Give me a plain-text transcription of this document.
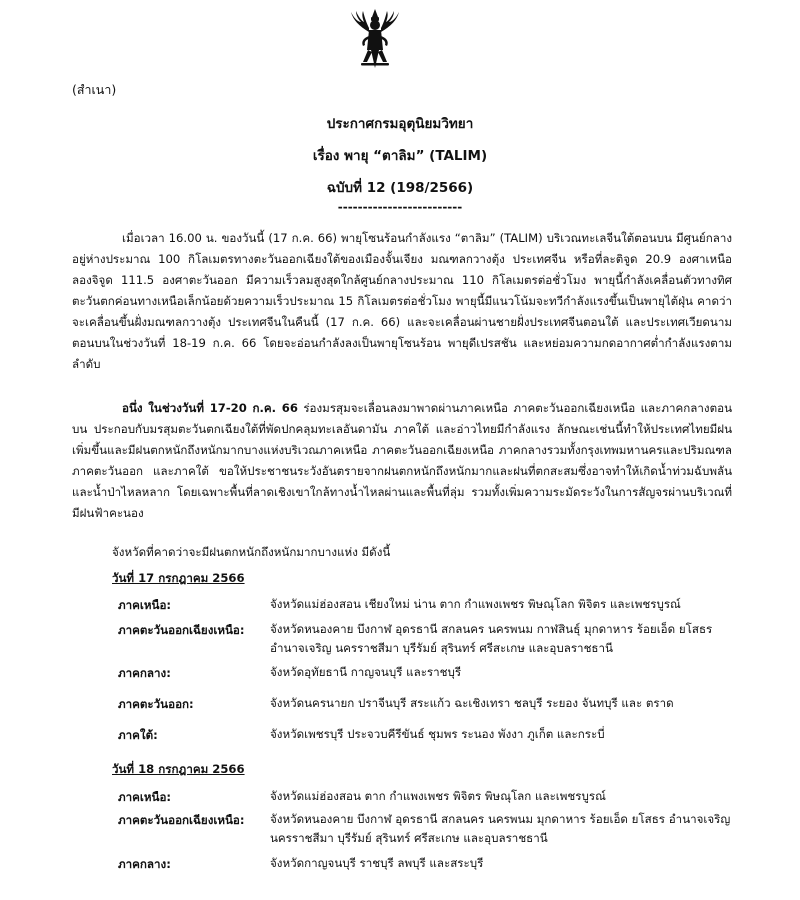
(สำเนา)
ประกาศกรมอุตุนิยมวิทยา
เรื่อง พายุ “ตาลิม” (TALIM)
ฉบับที่ 12 (198/2566)
-------------------------

เมื่อเวลา 16.00 น. ของวันนี้ (17 ก.ค. 66) พายุโซนร้อนกำลังแรง “ตาลิม” (TALIM) บริเวณทะเลจีนใต้ตอนบน มีศูนย์กลางอยู่ห่างประมาณ 100 กิโลเมตรทางตะวันออกเฉียงใต้ของเมืองจั้นเจียง มณฑลกวางตุ้ง ประเทศจีน หรือที่ละติจูด 20.9 องศาเหนือ ลองจิจูด 111.5 องศาตะวันออก มีความเร็วลมสูงสุดใกล้ศูนย์กลางประมาณ 110 กิโลเมตรต่อชั่วโมง พายุนี้กำลังเคลื่อนตัวทางทิศตะวันตกค่อนทางเหนือเล็กน้อยด้วยความเร็วประมาณ 15 กิโลเมตรต่อชั่วโมง พายุนี้มีแนวโน้มจะทวีกำลังแรงขึ้นเป็นพายุไต้ฝุ่น คาดว่าจะเคลื่อนขึ้นฝั่งมณฑลกวางตุ้ง ประเทศจีนในคืนนี้ (17 ก.ค. 66) และจะเคลื่อนผ่านชายฝั่งประเทศจีนตอนใต้ และประเทศเวียดนามตอนบนในช่วงวันที่ 18-19 ก.ค. 66 โดยจะอ่อนกำลังลงเป็นพายุโซนร้อน พายุดีเปรสชัน และหย่อมความกดอากาศต่ำกำลังแรงตามลำดับ

อนึ่ง ในช่วงวันที่ 17-20 ก.ค. 66 ร่องมรสุมจะเลื่อนลงมาพาดผ่านภาคเหนือ ภาคตะวันออกเฉียงเหนือ และภาคกลางตอนบน ประกอบกับมรสุมตะวันตกเฉียงใต้ที่พัดปกคลุมทะเลอันดามัน ภาคใต้ และอ่าวไทยมีกำลังแรง ลักษณะเช่นนี้ทำให้ประเทศไทยมีฝนเพิ่มขึ้นและมีฝนตกหนักถึงหนักมากบางแห่งบริเวณภาคเหนือ ภาคตะวันออกเฉียงเหนือ ภาคกลางรวมทั้งกรุงเทพมหานครและปริมณฑล ภาคตะวันออก และภาคใต้ ขอให้ประชาชนระวังอันตรายจากฝนตกหนักถึงหนักมากและฝนที่ตกสะสมซึ่งอาจทำให้เกิดน้ำท่วมฉับพลันและน้ำป่าไหลหลาก โดยเฉพาะพื้นที่ลาดเชิงเขาใกล้ทางน้ำไหลผ่านและพื้นที่ลุ่ม รวมทั้งเพิ่มความระมัดระวังในการสัญจรผ่านบริเวณที่มีฝนฟ้าคะนอง

จังหวัดที่คาดว่าจะมีฝนตกหนักถึงหนักมากบางแห่ง มีดังนี้
วันที่ 17 กรกฎาคม 2566
ภาคเหนือ:	จังหวัดแม่ฮ่องสอน เชียงใหม่ น่าน ตาก กำแพงเพชร พิษณุโลก พิจิตร และเพชรบูรณ์
ภาคตะวันออกเฉียงเหนือ: จังหวัดหนองคาย บึงกาฬ อุดรธานี สกลนคร นครพนม กาฬสินธุ์ มุกดาหาร ร้อยเอ็ด ยโสธร อำนาจเจริญ นครราชสีมา บุรีรัมย์ สุรินทร์ ศรีสะเกษ และอุบลราชธานี
ภาคกลาง:	จังหวัดอุทัยธานี กาญจนบุรี และราชบุรี
ภาคตะวันออก:	จังหวัดนครนายก ปราจีนบุรี สระแก้ว ฉะเชิงเทรา ชลบุรี ระยอง จันทบุรี และ ตราด
ภาคใต้:	จังหวัดเพชรบุรี ประจวบคีรีขันธ์ ชุมพร ระนอง พังงา ภูเก็ต และกระบี่
วันที่ 18 กรกฎาคม 2566
ภาคเหนือ:	จังหวัดแม่ฮ่องสอน ตาก กำแพงเพชร พิจิตร พิษณุโลก และเพชรบูรณ์
ภาคตะวันออกเฉียงเหนือ: จังหวัดหนองคาย บึงกาฬ อุดรธานี สกลนคร นครพนม มุกดาหาร ร้อยเอ็ด ยโสธร อำนาจเจริญ นครราชสีมา บุรีรัมย์ สุรินทร์ ศรีสะเกษ และอุบลราชธานี
ภาคกลาง:	จังหวัดกาญจนบุรี ราชบุรี ลพบุรี และสระบุรี
